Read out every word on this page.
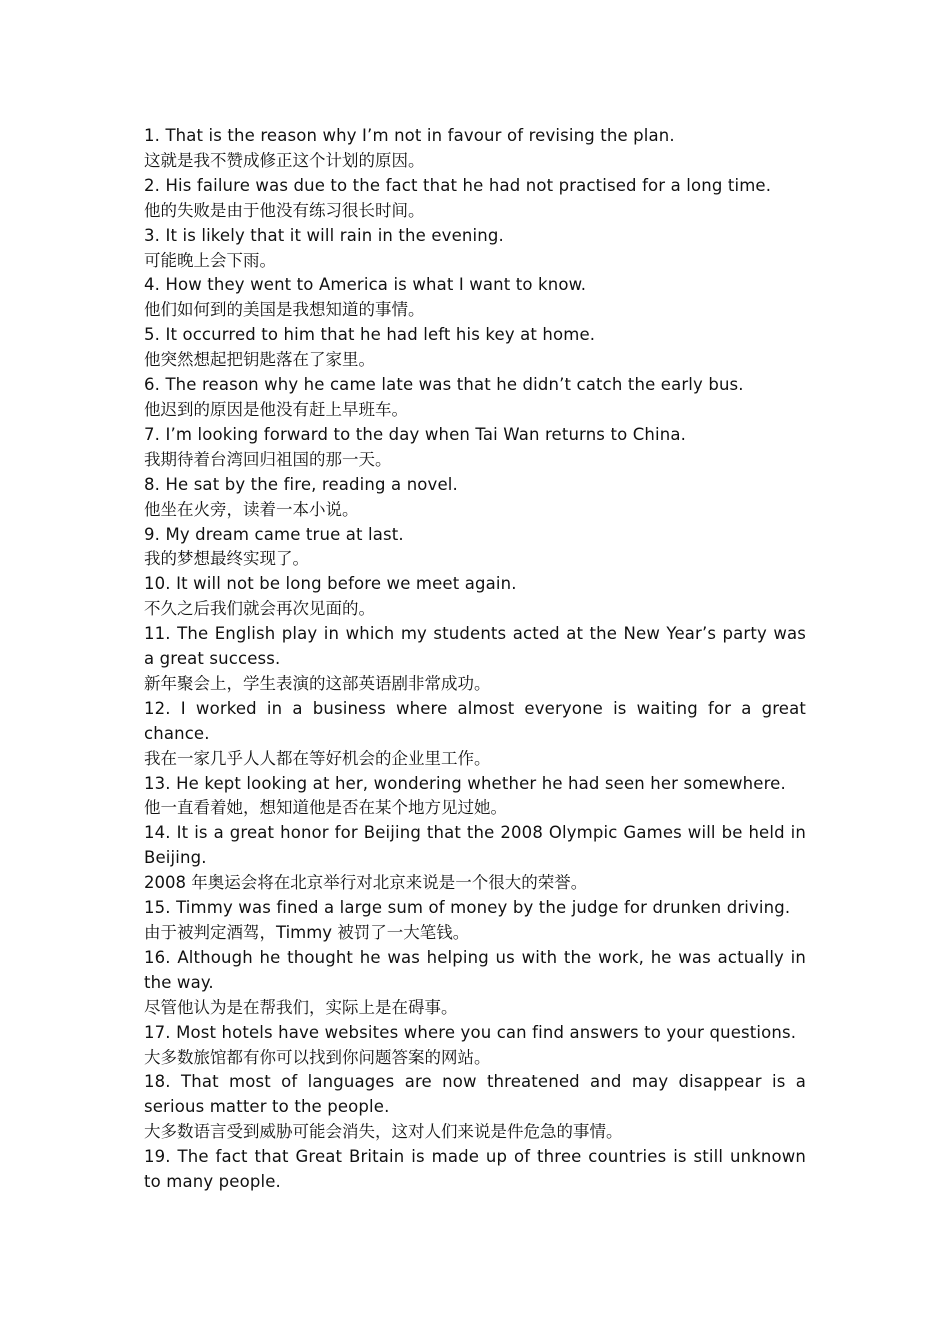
1. That is the reason why I’m not in favour of revising the plan.

这就是我不赞成修正这个计划的原因。

2. His failure was due to the fact that he had not practised for a long time.

他的失败是由于他没有练习很长时间。

3. It is likely that it will rain in the evening.

可能晚上会下雨。

4. How they went to America is what I want to know.

他们如何到的美国是我想知道的事情。

5. It occurred to him that he had left his key at home.

他突然想起把钥匙落在了家里。

6. The reason why he came late was that he didn’t catch the early bus.

他迟到的原因是他没有赶上早班车。

7. I’m looking forward to the day when Tai Wan returns to China.

我期待着台湾回归祖国的那一天。

8. He sat by the fire, reading a novel.

他坐在火旁，读着一本小说。

9. My dream came true at last.

我的梦想最终实现了。

10. It will not be long before we meet again.

不久之后我们就会再次见面的。

11. The English play in which my students acted at the New Year’s party was a great success.

新年聚会上，学生表演的这部英语剧非常成功。

12. I worked in a business where almost everyone is waiting for a great chance.

我在一家几乎人人都在等好机会的企业里工作。

13. He kept looking at her, wondering whether he had seen her somewhere.

他一直看着她，想知道他是否在某个地方见过她。

14. It is a great honor for Beijing that the 2008 Olympic Games will be held in Beijing.

2008 年奥运会将在北京举行对北京来说是一个很大的荣誉。

15. Timmy was fined a large sum of money by the judge for drunken driving.

由于被判定酒驾，Timmy 被罚了一大笔钱。

16. Although he thought he was helping us with the work, he was actually in the way.

尽管他认为是在帮我们，实际上是在碍事。

17. Most hotels have websites where you can find answers to your questions.

大多数旅馆都有你可以找到你问题答案的网站。

18. That most of languages are now threatened and may disappear is a serious matter to the people.

大多数语言受到威胁可能会消失，这对人们来说是件危急的事情。

19. The fact that Great Britain is made up of three countries is still unknown to many people.
